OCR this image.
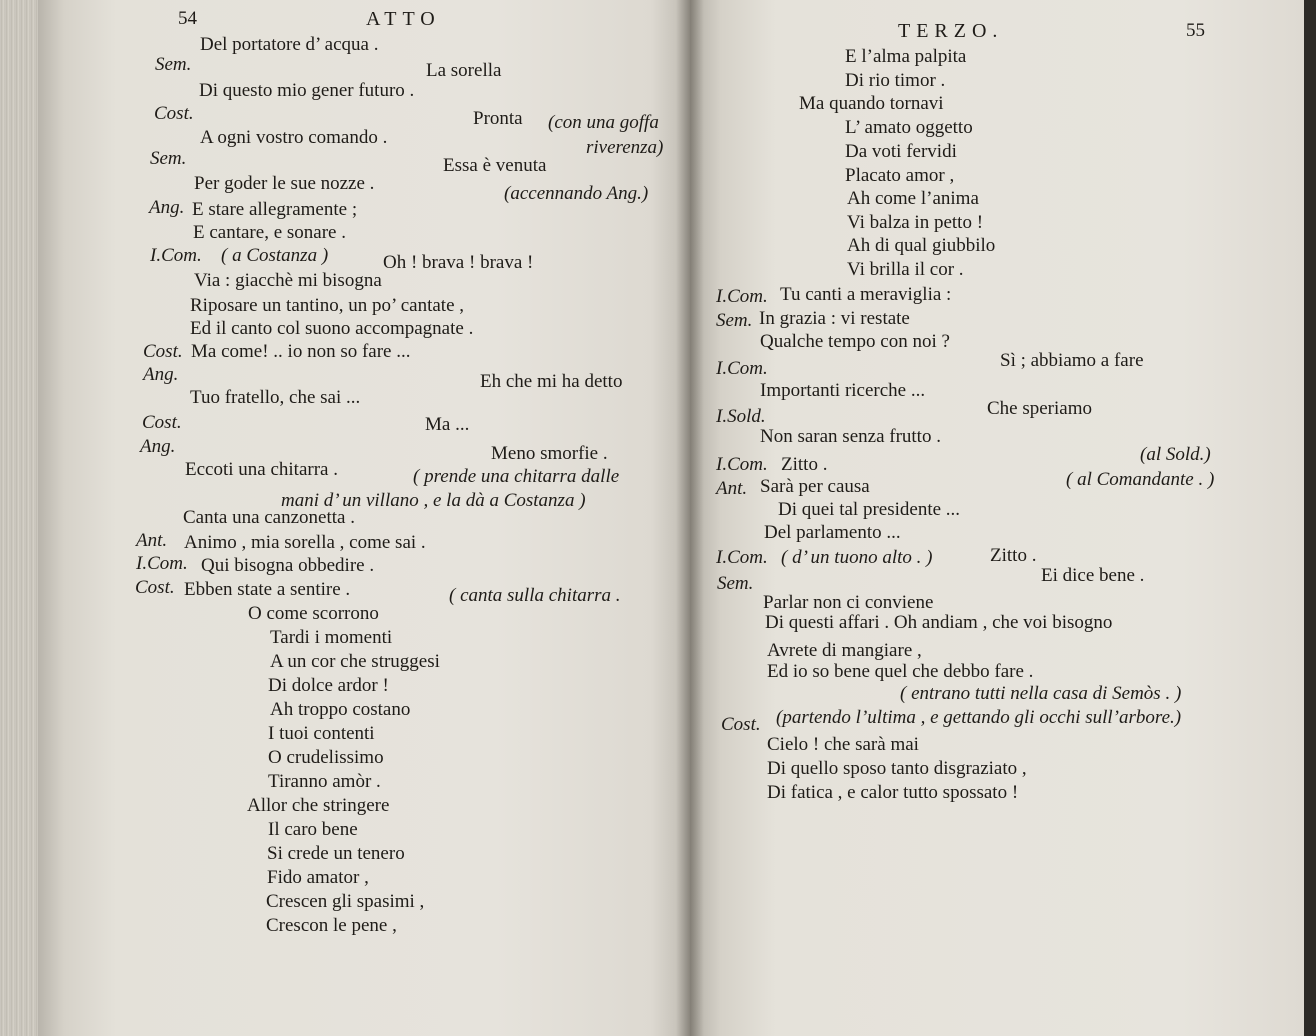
54	ATTO
TERZO.	55
Del portatore d’ acqua .
Sem.	La sorella
Di questo mio gener futuro .
Cost.	Pronta (con una goffa
A ogni vostro comando .	riverenza)
Sem.	Essa è venuta
Per goder le sue nozze .	(accennando Ang.)
Ang. E stare allegramente ;
E cantare, e sonare .
I.Com. ( a Costanza )	Oh ! brava ! brava !
Via : giacchè mi bisogna
Riposare un tantino, un po’ cantate ,
Ed il canto col suono accompagnate .
Cost. Ma come! .. io non so fare ...
Ang.	Eh che mi ha detto
Tuo fratello, che sai ...
Cost.	Ma ...
Ang.	Meno smorfie .
Eccoti una chitarra .	( prende una chitarra dalle
mani d’ un villano , e la dà a Costanza )
Canta una canzonetta .
Ant. Animo , mia sorella , come sai .
I.Com. Qui bisogna obbedire .
Cost. Ebben state a sentire .	( canta sulla chitarra .
O come scorrono
Tardi i momenti
A un cor che struggesi
Di dolce ardor !
Ah troppo costano
I tuoi contenti
O crudelissimo
Tiranno amòr .
Allor che stringere
Il caro bene
Si crede un tenero
Fido amator ,
Crescen gli spasimi ,
Crescon le pene ,
E l’alma palpita
Di rio timor .
Ma quando tornavi
L’ amato oggetto
Da voti fervidi
Placato amor ,
Ah come l’anima
Vi balza in petto !
Ah di qual giubbilo
Vi brilla il cor .
I.Com. Tu canti a meraviglia :
Sem. In grazia : vi restate
Qualche tempo con noi ?
I.Com.	Sì ; abbiamo a fare
Importanti ricerche ...
I.Sold.	Che speriamo
Non saran senza frutto .
(al Sold.)
I.Com. Zitto .
Ant. Sarà per causa	( al Comandante . )
Di quei tal presidente ...
Del parlamento ...
I.Com. ( d’ un tuono alto . )	Zitto .
Sem.	Ei dice bene .
Parlar non ci conviene
Di questi affari . Oh andiam , che voi bisogno
Avrete di mangiare ,
Ed io so bene quel che debbo fare .
( entrano tutti nella casa di Semòs . )
Cost. (partendo l’ultima , e gettando gli occhi sull’arbore.)
Cielo ! che sarà mai
Di quello sposo tanto disgraziato ,
Di fatica , e calor tutto spossato !
